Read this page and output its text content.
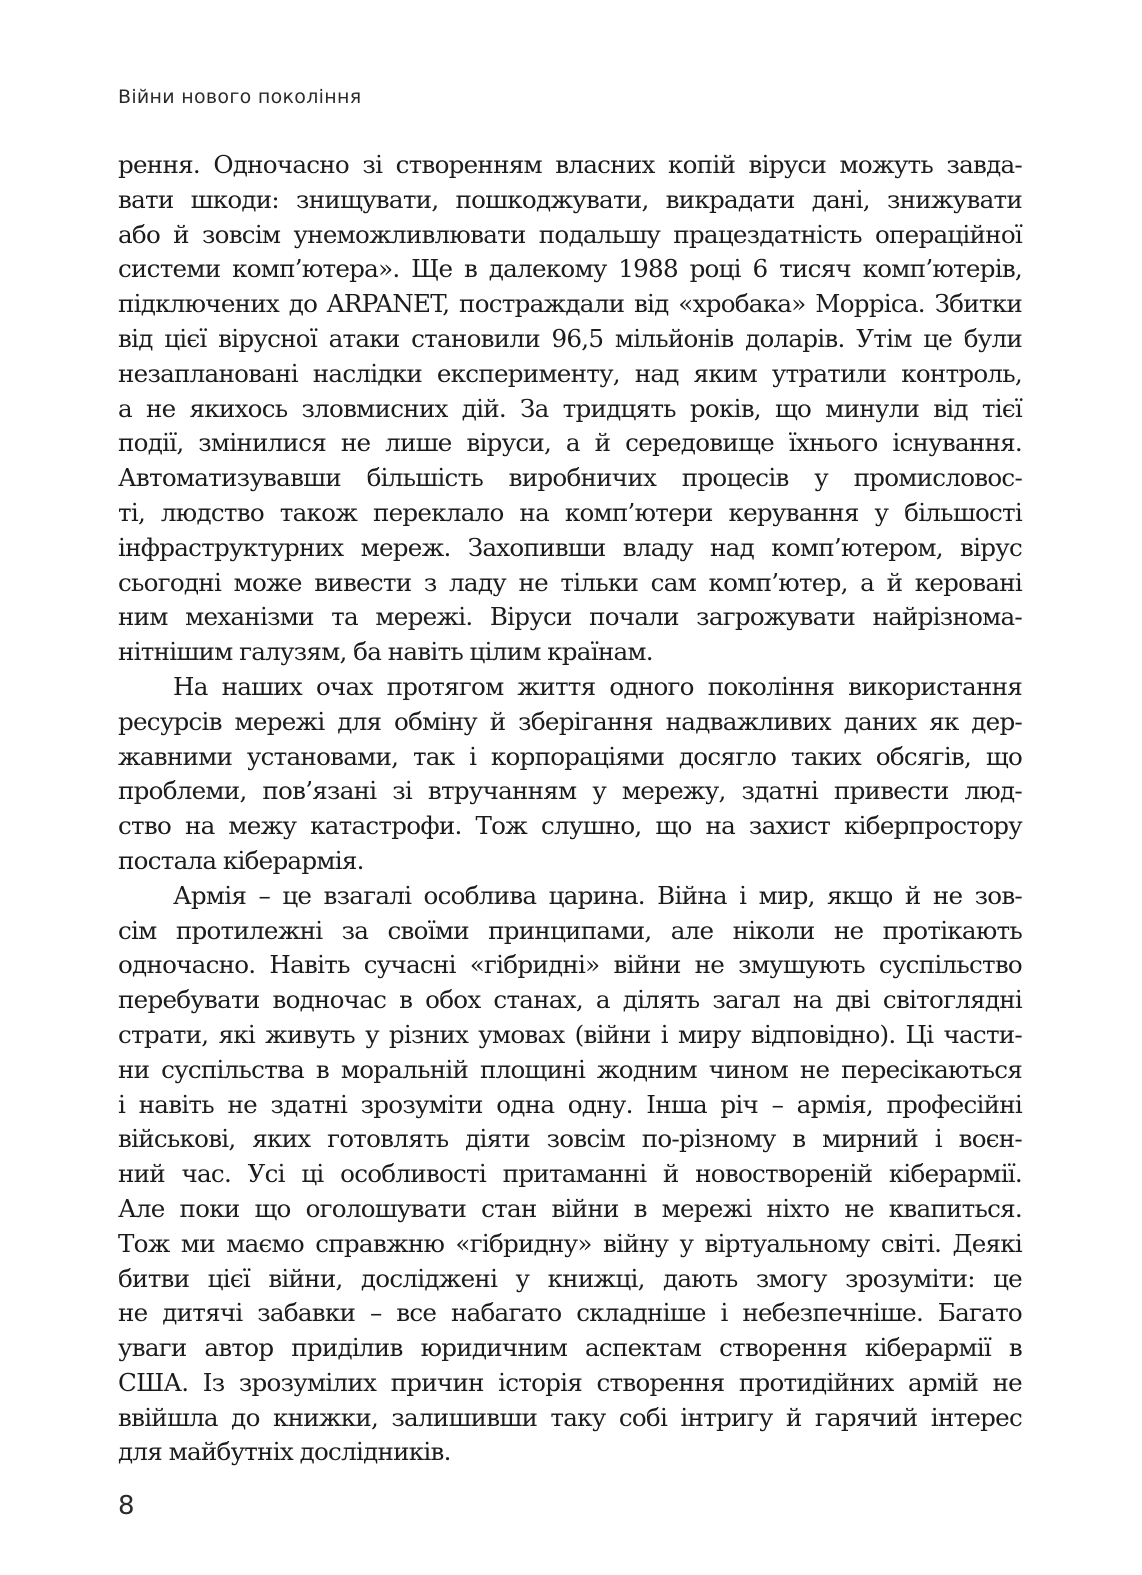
Війни нового покоління
рення. Одночасно зі створенням власних копій віруси можуть завда-
вати шкоди: знищувати, пошкоджувати, викрадати дані, знижувати
або й зовсім унеможливлювати подальшу працездатність операційної
системи комп’ютера». Ще в далекому 1988 році 6 тисяч комп’ютерів,
підключених до ARPANET, постраждали від «хробака» Морріса. Збитки
від цієї вірусної атаки становили 96,5 мільйонів доларів. Утім це були
незаплановані наслідки експерименту, над яким утратили контроль,
а не якихось зловмисних дій. За тридцять років, що минули від тієї
події, змінилися не лише віруси, а й середовище їхнього існування.
Автоматизувавши більшість виробничих процесів у промисловос-
ті, людство також переклало на комп’ютери керування у більшості
інфраструктурних мереж. Захопивши владу над комп’ютером, вірус
сьогодні може вивести з ладу не тільки сам комп’ютер, а й керовані
ним механізми та мережі. Віруси почали загрожувати найрізнома-
нітнішим галузям, ба навіть цілим країнам.
На наших очах протягом життя одного покоління використання
ресурсів мережі для обміну й зберігання надважливих даних як дер-
жавними установами, так і корпораціями досягло таких обсягів, що
проблеми, пов’язані зі втручанням у мережу, здатні привести люд-
ство на межу катастрофи. Тож слушно, що на захист кіберпростору
постала кіберармія.
Армія – це взагалі особлива царина. Війна і мир, якщо й не зов-
сім протилежні за своїми принципами, але ніколи не протікають
одночасно. Навіть сучасні «гібридні» війни не змушують суспільство
перебувати водночас в обох станах, а ділять загал на дві світоглядні
страти, які живуть у різних умовах (війни і миру відповідно). Ці части-
ни суспільства в моральній площині жодним чином не пересікаються
і навіть не здатні зрозуміти одна одну. Інша річ – армія, професійні
військові, яких готовлять діяти зовсім по-різному в мирний і воєн-
ний час. Усі ці особливості притаманні й новоствореній кіберармії.
Але поки що оголошувати стан війни в мережі ніхто не квапиться.
Тож ми маємо справжню «гібридну» війну у віртуальному світі. Деякі
битви цієї війни, досліджені у книжці, дають змогу зрозуміти: це
не дитячі забавки – все набагато складніше і небезпечніше. Багато
уваги автор приділив юридичним аспектам створення кіберармії в
США. Із зрозумілих причин історія створення протидійних армій не
ввійшла до книжки, залишивши таку собі інтригу й гарячий інтерес
для майбутніх дослідників.
8
